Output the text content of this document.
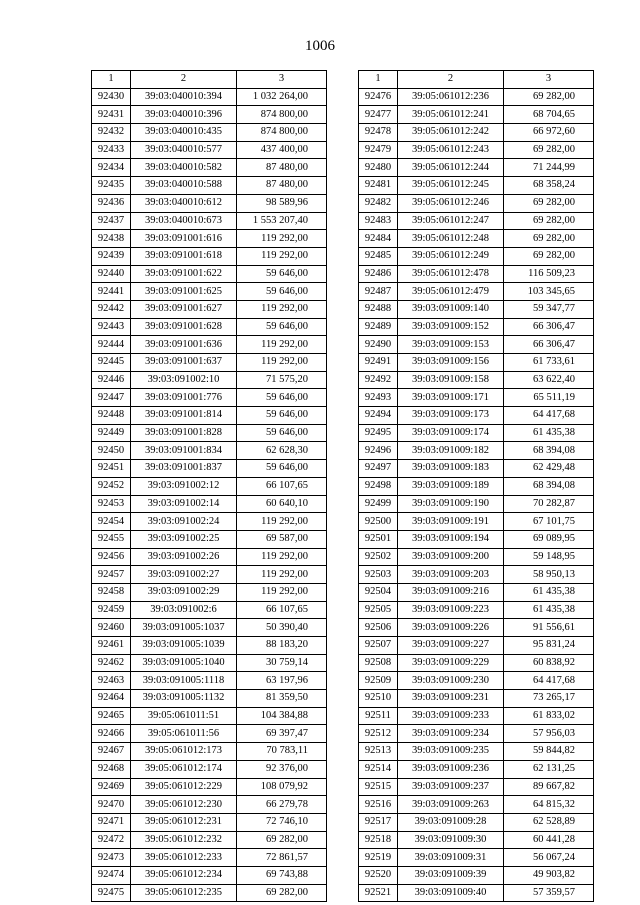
1006
1	2	3
92430	39:03:040010:394	1 032 264,00
92431	39:03:040010:396	874 800,00
92432	39:03:040010:435	874 800,00
92433	39:03:040010:577	437 400,00
92434	39:03:040010:582	87 480,00
92435	39:03:040010:588	87 480,00
92436	39:03:040010:612	98 589,96
92437	39:03:040010:673	1 553 207,40
92438	39:03:091001:616	119 292,00
92439	39:03:091001:618	119 292,00
92440	39:03:091001:622	59 646,00
92441	39:03:091001:625	59 646,00
92442	39:03:091001:627	119 292,00
92443	39:03:091001:628	59 646,00
92444	39:03:091001:636	119 292,00
92445	39:03:091001:637	119 292,00
92446	39:03:091002:10	71 575,20
92447	39:03:091001:776	59 646,00
92448	39:03:091001:814	59 646,00
92449	39:03:091001:828	59 646,00
92450	39:03:091001:834	62 628,30
92451	39:03:091001:837	59 646,00
92452	39:03:091002:12	66 107,65
92453	39:03:091002:14	60 640,10
92454	39:03:091002:24	119 292,00
92455	39:03:091002:25	69 587,00
92456	39:03:091002:26	119 292,00
92457	39:03:091002:27	119 292,00
92458	39:03:091002:29	119 292,00
92459	39:03:091002:6	66 107,65
92460	39:03:091005:1037	50 390,40
92461	39:03:091005:1039	88 183,20
92462	39:03:091005:1040	30 759,14
92463	39:03:091005:1118	63 197,96
92464	39:03:091005:1132	81 359,50
92465	39:05:061011:51	104 384,88
92466	39:05:061011:56	69 397,47
92467	39:05:061012:173	70 783,11
92468	39:05:061012:174	92 376,00
92469	39:05:061012:229	108 079,92
92470	39:05:061012:230	66 279,78
92471	39:05:061012:231	72 746,10
92472	39:05:061012:232	69 282,00
92473	39:05:061012:233	72 861,57
92474	39:05:061012:234	69 743,88
92475	39:05:061012:235	69 282,00
1	2	3
92476	39:05:061012:236	69 282,00
92477	39:05:061012:241	68 704,65
92478	39:05:061012:242	66 972,60
92479	39:05:061012:243	69 282,00
92480	39:05:061012:244	71 244,99
92481	39:05:061012:245	68 358,24
92482	39:05:061012:246	69 282,00
92483	39:05:061012:247	69 282,00
92484	39:05:061012:248	69 282,00
92485	39:05:061012:249	69 282,00
92486	39:05:061012:478	116 509,23
92487	39:05:061012:479	103 345,65
92488	39:03:091009:140	59 347,77
92489	39:03:091009:152	66 306,47
92490	39:03:091009:153	66 306,47
92491	39:03:091009:156	61 733,61
92492	39:03:091009:158	63 622,40
92493	39:03:091009:171	65 511,19
92494	39:03:091009:173	64 417,68
92495	39:03:091009:174	61 435,38
92496	39:03:091009:182	68 394,08
92497	39:03:091009:183	62 429,48
92498	39:03:091009:189	68 394,08
92499	39:03:091009:190	70 282,87
92500	39:03:091009:191	67 101,75
92501	39:03:091009:194	69 089,95
92502	39:03:091009:200	59 148,95
92503	39:03:091009:203	58 950,13
92504	39:03:091009:216	61 435,38
92505	39:03:091009:223	61 435,38
92506	39:03:091009:226	91 556,61
92507	39:03:091009:227	95 831,24
92508	39:03:091009:229	60 838,92
92509	39:03:091009:230	64 417,68
92510	39:03:091009:231	73 265,17
92511	39:03:091009:233	61 833,02
92512	39:03:091009:234	57 956,03
92513	39:03:091009:235	59 844,82
92514	39:03:091009:236	62 131,25
92515	39:03:091009:237	89 667,82
92516	39:03:091009:263	64 815,32
92517	39:03:091009:28	62 528,89
92518	39:03:091009:30	60 441,28
92519	39:03:091009:31	56 067,24
92520	39:03:091009:39	49 903,82
92521	39:03:091009:40	57 359,57
